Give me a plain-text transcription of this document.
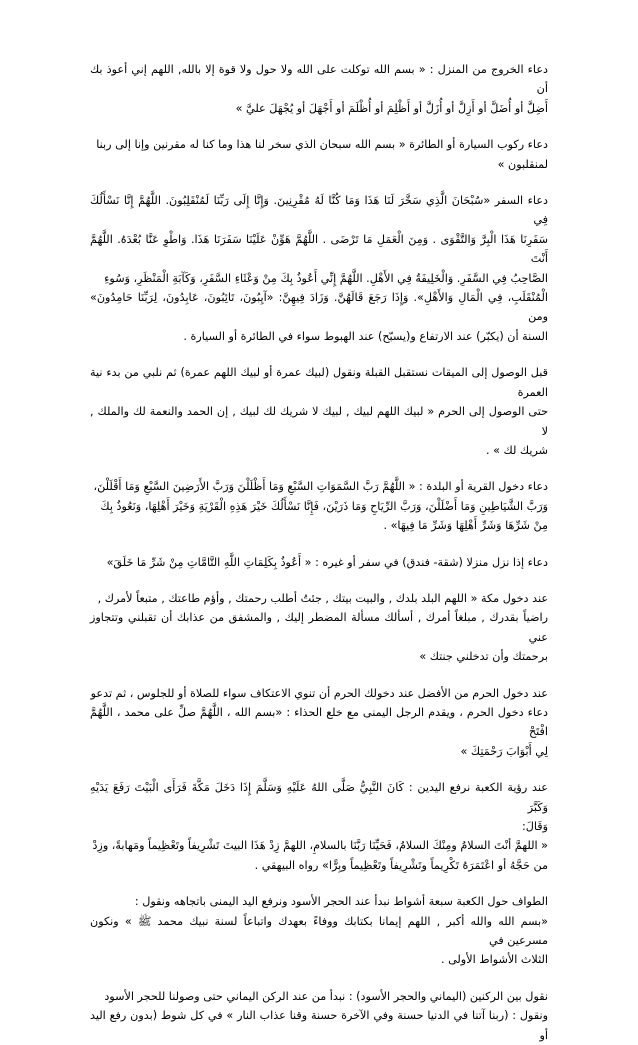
دعاء الخروج من المنزل : « بسم الله توكلت على الله ولا حول ولا قوة إلا بالله, اللهم إني أعوذ بك أن
أَضِلَّ أو أُضَلَّ أو أَزِلَّ أو أُزَلَّ أو أَظْلِمَ أو أُظْلَمَ أو أَجْهَلَ أو يُجْهَلَ عليَّ »
دعاء ركوب السيارة أو الطائرة « بسم الله سبحان الذي سخر لنا هذا وما كنا له مقرنين وإنا إلى ربنا
لمنقلبون »
دعاء السفر «سُبْحَانَ الَّذِي سَخَّرَ لَنَا هَذَا وَمَا كُنَّا لَهُ مُقْرِنِينَ. وَإِنَّا إِلَى رَبِّنَا لَمُنْقَلِبُونَ. اللَّهُمَّ إِنَّا نَسْأَلُكَ فِي
سَفَرِنَا هَذَا الْبِرَّ وَالتَّقْوَى . وَمِنَ الْعَمَلِ مَا تَرْضَى . اللَّهُمَّ هَوِّنْ عَلَيْنَا سَفَرَنَا هَذَا. وَاطْوِ عَنَّا بُعْدَهُ. اللَّهُمَّ أَنْتَ
الصَّاحِبُ فِي السَّفَرِ. وَالْخَلِيفَةُ فِي الأَهْلِ. اللَّهُمَّ إِنِّي أَعُوذُ بِكَ مِنْ وَعْثَاءِ السَّفَرِ، وَكَآبَةِ الْمَنْظَرِ، وَسُوءِ
الْمُنْقَلَبِ، فِي الْمَالِ وَالأَهْلِ». وَإِذَا رَجَعَ قَالَهُنَّ. وَزَادَ فِيهِنَّ: «آيِبُونَ، تَائِبُونَ، عَابِدُونَ، لِرَبِّنَا حَامِدُونَ» ومن
السنة أن (يكبّر) عند الارتفاع و(يسبّح) عند الهبوط سواء في الطائرة أو السيارة .
قبل الوصول إلى الميقات نستقبل القبلة ونقول (لبيك عمرة أو لبيك اللهم عمرة) ثم نلبي من بدء نية العمرة
حتى الوصول إلى الحرم « لبيك اللهم لبيك , لبيك لا شريك لك لبيك , إن الحمد والنعمة لك والملك , لا
شريك لك » .
دعاء دخول القرية أو البلدة : « اللَّهُمَّ رَبَّ السَّمَوَاتِ السَّبْعِ وَمَا أَظْلَلْنَ وَرَبَّ الأَرَضِينَ السَّبْعِ وَمَا أَقْلَلْنَ،
وَرَبَّ الشَّيَاطِينِ وَمَا أَضْلَلْنَ، وَرَبَّ الرِّيَاحِ وَمَا ذَرَيْنَ، فَإِنَّا نَسْأَلُكَ خَيْرَ هَذِهِ الْقَرْيَةِ وَخَيْرَ أَهْلِهَا، وَنَعُوذُ بِكَ
مِنْ شَرِّهَا وَشَرِّ أَهْلِهَا وَشَرِّ مَا فِيهَا» .
دعاء إذا نزل منزلا (شقة- فندق) في سفر أو غيره : « أَعُوذُ بِكَلِمَاتِ اللَّهِ التَّامَّاتِ مِنْ شَرِّ مَا خَلَقَ»
عند دخول مكة « اللهم البلد بلدك , والبيت بيتك , جئتُ أطلب رحمتك , وأؤم طاعتك , متبعاً لأمرك ,
راضياً بقدرك , مبلغاً أمرك , أسألك مسألة المضطر إليك , والمشفق من عذابك أن تقبلني وتتجاوز عني
برحمتك وأن تدخلني جنتك »
عند دخول الحرم من الأفضل عند دخولك الحرم أن تنوي الاعتكاف سواء للصلاة أو للجلوس ، ثم تدعو
دعاء دخول الحرم ، ويقدم الرجل اليمنى مع خلع الحذاء : «بسم الله ، اللَّهُمَّ صلِّ على محمد ، اللَّهُمَّ افْتَحْ
لِي أَبْوَابَ رَحْمَتِكَ »
عند رؤية الكعبة نرفع اليدين : كَانَ النَّبِيُّ صَلَّى اللهُ عَلَيْهِ وَسَلَّمَ إِذَا دَخَلَ مَكَّةَ فَرَأَى الْبَيْتَ رَفَعَ يَدَيْهِ وَكَبَّرَ
وَقَالَ:
« اللهمَّ أنْتَ السلامُ ومِنْكَ السلامُ، فَحَيِّنَا رَبَّنَا بالسلامِ، اللهمَّ زِدْ هَذَا البيتَ تَشْرِيفاً وتَعْظِيماً ومَهابةً، وزِدْ
من حَجَّهُ أو اعْتَمَرَهُ تَكْرِيماً وتَشْرِيفاً وتَعْظِيماً وبِرًّا» رواه البيهقي .
الطواف حول الكعبة سبعة أشواط نبدأ عند الحجر الأسود ونرفع اليد اليمنى باتجاهه ونقول :
«بسم الله والله أكبر , اللهم إيمانا بكتابك ووفاءً بعهدك واتباعاً لسنة نبيك محمد ﷺ » ونكون مسرعين في
الثلاث الأشواط الأولى .
نقول بين الركنين (اليماني والحجر الأسود) : نبدأ من عند الركن اليماني حتى وصولنا للحجر الأسود
ونقول : (ربنا آتنا في الدنيا حسنة وفي الآخرة حسنة وقنا عذاب النار » في كل شوط (بدون رفع اليد أو
